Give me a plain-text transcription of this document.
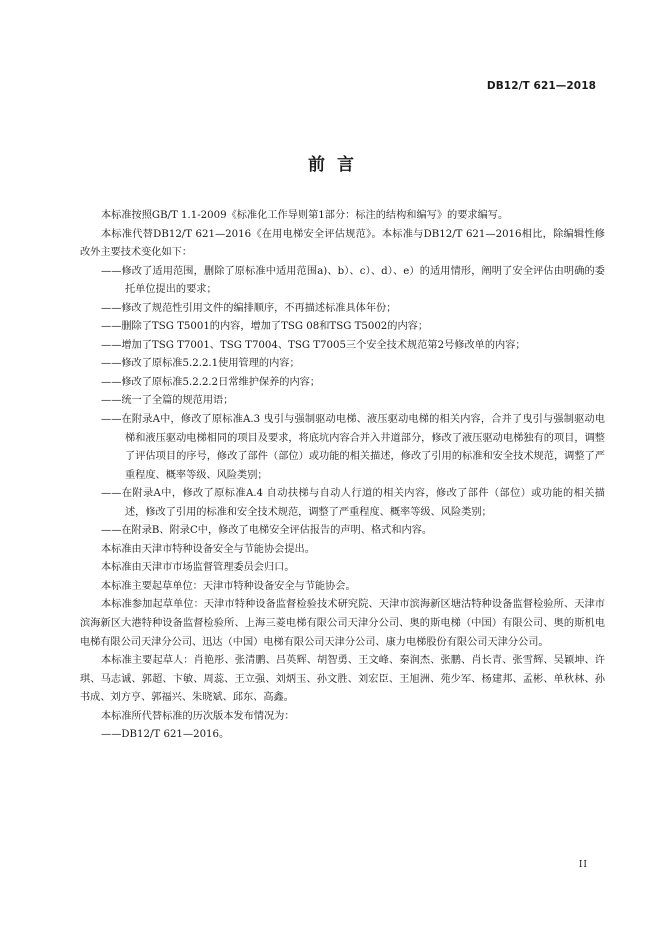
DB12/T 621—2018
前言

本标准按照GB/T 1.1-2009《标准化工作导则第1部分：标注的结构和编写》的要求编写。

本标准代替DB12/T 621—2016《在用电梯安全评估规范》。本标准与DB12/T 621—2016相比，除编辑性修改外主要技术变化如下：

——修改了适用范围，删除了原标准中适用范围a)、b）、c）、d）、e）的适用情形，阐明了安全评估由明确的委托单位提出的要求；

——修改了规范性引用文件的编排顺序，不再描述标准具体年份；

——删除了TSG T5001的内容，增加了TSG 08和TSG T5002的内容；

——增加了TSG T7001、TSG T7004、TSG T7005三个安全技术规范第2号修改单的内容；

——修改了原标准5.2.2.1使用管理的内容；

——修改了原标准5.2.2.2日常维护保养的内容；

——统一了全篇的规范用语；

——在附录A中，修改了原标准A.3 曳引与强制驱动电梯、液压驱动电梯的相关内容，合并了曳引与强制驱动电梯和液压驱动电梯相同的项目及要求，将底坑内容合并入井道部分，修改了液压驱动电梯独有的项目，调整了评估项目的序号，修改了部件（部位）或功能的相关描述，修改了引用的标准和安全技术规范，调整了严重程度、概率等级、风险类别；

——在附录A中，修改了原标准A.4 自动扶梯与自动人行道的相关内容，修改了部件（部位）或功能的相关描述，修改了引用的标准和安全技术规范，调整了严重程度、概率等级、风险类别；

——在附录B、附录C中，修改了电梯安全评估报告的声明、格式和内容。

本标准由天津市特种设备安全与节能协会提出。

本标准由天津市市场监督管理委员会归口。

本标准主要起草单位：天津市特种设备安全与节能协会。

本标准参加起草单位：天津市特种设备监督检验技术研究院、天津市滨海新区塘沽特种设备监督检验所、天津市滨海新区大港特种设备监督检验所、上海三菱电梯有限公司天津分公司、奥的斯电梯（中国）有限公司、奥的斯机电电梯有限公司天津分公司、迅达（中国）电梯有限公司天津分公司、康力电梯股份有限公司天津分公司。

本标准主要起草人：肖艳彤、张清鹏、吕英辉、胡智勇、王文峰、秦润杰、张鹏、肖长青、张雪辉、吴颖坤、许琪、马志诚、郭超、卞敏、周蕊、王立强、刘炳玉、孙文胜、刘宏臣、王旭洲、苑少军、杨建邦、孟彬、单秋林、孙书成、刘方亨、郭福兴、朱晓斌、邱东、高鑫。

本标准所代替标准的历次版本发布情况为：

——DB12/T 621—2016。

II
